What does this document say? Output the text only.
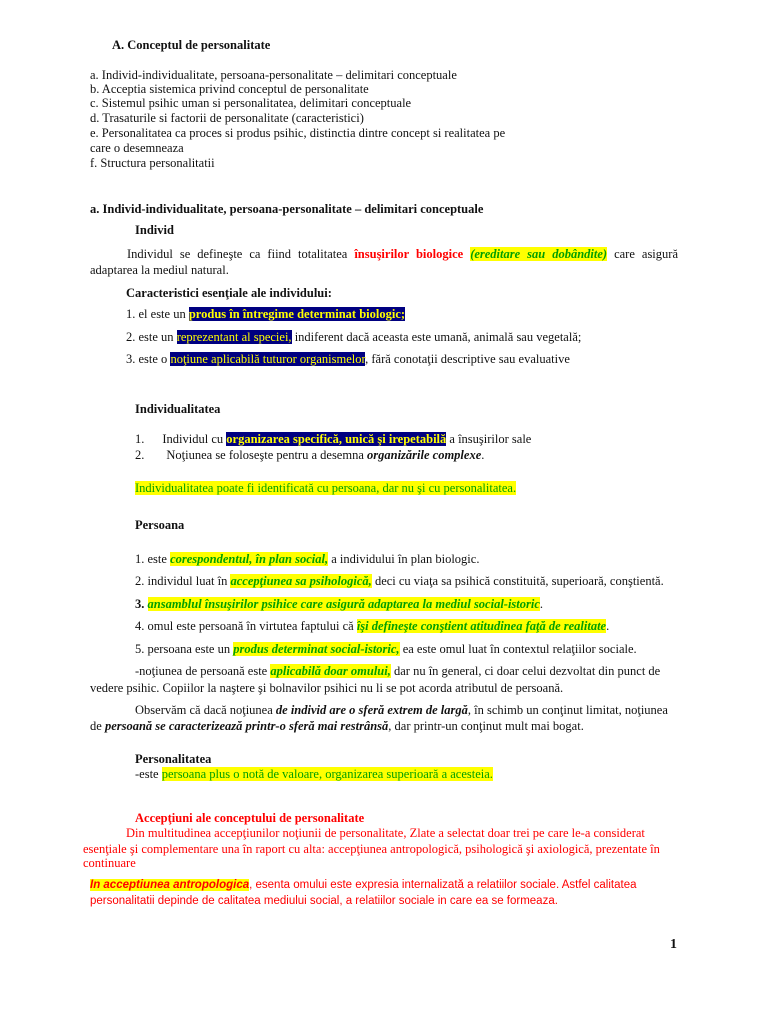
A. Conceptul de personalitate
a. Individ-individualitate, persoana-personalitate – delimitari conceptuale
b. Acceptia sistemica privind conceptul de personalitate
c. Sistemul psihic uman si personalitatea, delimitari conceptuale
d. Trasaturile si factorii de personalitate (caracteristici)
e. Personalitatea ca proces si produs psihic, distinctia dintre concept si realitatea pe
care o desemneaza
f. Structura personalitatii
a. Individ-individualitate, persoana-personalitate – delimitari conceptuale
Individ
Individul se defineşte ca fiind totalitatea însuşirilor biologice (ereditare sau dobândite) care asigură adaptarea la mediul natural.
Caracteristici esenţiale ale individului:
1. el este un produs în întregime determinat biologic;
2. este un reprezentant al speciei, indiferent dacă aceasta este umană, animală sau vegetală;
3. este o noţiune aplicabilă tuturor organismelor, fără conotaţii descriptive sau evaluative
Individualitatea
1. Individul cu organizarea specifică, unică şi irepetabilă a însuşirilor sale
2. Noţiunea se foloseşte pentru a desemna organizările complexe.
Individualitatea poate fi identificată cu persoana, dar nu şi cu personalitatea.
Persoana
1. este corespondentul, în plan social, a individului în plan biologic.
2. individul luat în accepţiunea sa psihologică, deci cu viaţa sa psihică constituită, superioară, conştientă.
3. ansamblul însuşirilor psihice care asigură adaptarea la mediul social-istoric.
4. omul este persoană în virtutea faptului că îşi defineşte conştient atitudinea faţă de realitate.
5. persoana este un produs determinat social-istoric, ea este omul luat în contextul relaţiilor sociale.
-noţiunea de persoană este aplicabilă doar omului, dar nu în general, ci doar celui dezvoltat din punct de
vedere psihic. Copiilor la naştere şi bolnavilor psihici nu li se pot acorda atributul de persoană.
Observăm că dacă noţiunea de individ are o sferă extrem de largă, în schimb un conţinut limitat, noţiunea
de persoană se caracterizează printr-o sferă mai restrânsă, dar printr-un conţinut mult mai bogat.
Personalitatea
-este persoana plus o notă de valoare, organizarea superioară a acesteia.
Accepţiuni ale conceptului de personalitate
Din multitudinea accepţiunilor noţiunii de personalitate, Zlate a selectat doar trei pe care le-a considerat
esenţiale şi complementare una în raport cu alta: accepţiunea antropologică, psihologică şi axiologică, prezentate în
continuare
In acceptiunea antropologica, esenta omului este expresia internalizată a relatiilor sociale. Astfel calitatea
personalitatii depinde de calitatea mediului social, a relatiilor sociale in care ea se formeaza.
1
